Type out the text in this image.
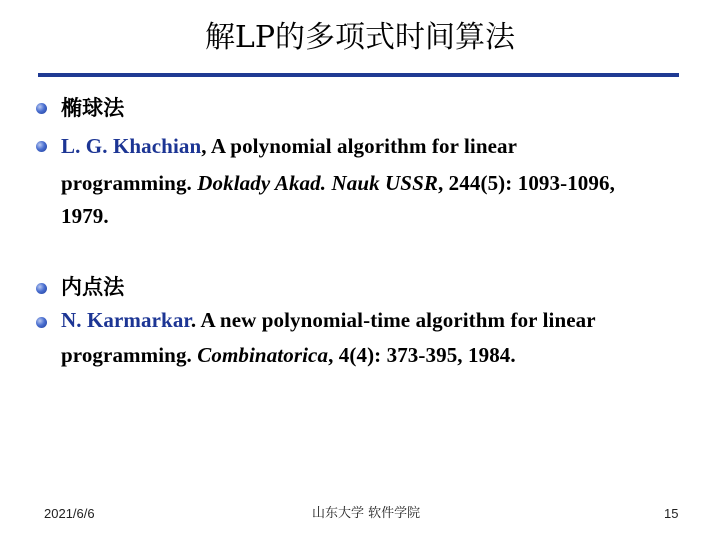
解LP的多项式时间算法
椭球法
L. G. Khachian, A polynomial algorithm for linear
programming. Doklady Akad. Nauk USSR, 244(5): 1093-1096,
1979.
内点法
N. Karmarkar. A new polynomial-time algorithm for linear
programming. Combinatorica, 4(4): 373-395, 1984.
2021/6/6	山东大学 软件学院	15
